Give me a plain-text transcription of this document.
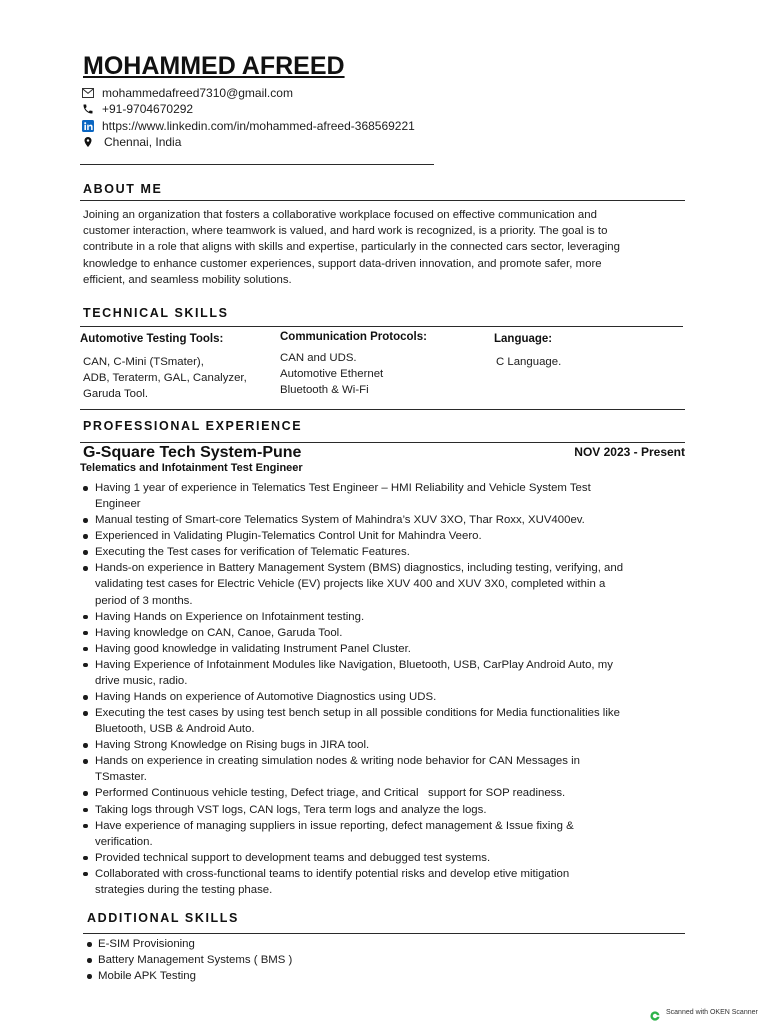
MOHAMMED AFREED
mohammedafreed7310@gmail.com
+91-9704670292
https://www.linkedin.com/in/mohammed-afreed-368569221
Chennai, India
ABOUT ME
Joining an organization that fosters a collaborative workplace focused on effective communication and
customer interaction, where teamwork is valued, and hard work is recognized, is a priority. The goal is to
contribute in a role that aligns with skills and expertise, particularly in the connected cars sector, leveraging
knowledge to enhance customer experiences, support data-driven innovation, and promote safer, more
efficient, and seamless mobility solutions.
TECHNICAL SKILLS
Automotive Testing Tools:
CAN, C-Mini (TSmater),
ADB, Teraterm, GAL, Canalyzer,
Garuda Tool.
Communication Protocols:
CAN and UDS.
Automotive Ethernet
Bluetooth & Wi-Fi
Language:
C Language.
PROFESSIONAL EXPERIENCE
G-Square Tech System-Pune	NOV 2023 - Present
Telematics and Infotainment Test Engineer
Having 1 year of experience in Telematics Test Engineer – HMI Reliability and Vehicle System Test
Engineer
Manual testing of Smart-core Telematics System of Mahindra’s XUV 3XO, Thar Roxx, XUV400ev.
Experienced in Validating Plugin-Telematics Control Unit for Mahindra Veero.
Executing the Test cases for verification of Telematic Features.
Hands-on experience in Battery Management System (BMS) diagnostics, including testing, verifying, and
validating test cases for Electric Vehicle (EV) projects like XUV 400 and XUV 3X0, completed within a
period of 3 months.
Having Hands on Experience on Infotainment testing.
Having knowledge on CAN, Canoe, Garuda Tool.
Having good knowledge in validating Instrument Panel Cluster.
Having Experience of Infotainment Modules like Navigation, Bluetooth, USB, CarPlay Android Auto, my
drive music, radio.
Having Hands on experience of Automotive Diagnostics using UDS.
Executing the test cases by using test bench setup in all possible conditions for Media functionalities like
Bluetooth, USB & Android Auto.
Having Strong Knowledge on Rising bugs in JIRA tool.
Hands on experience in creating simulation nodes & writing node behavior for CAN Messages in
TSmaster.
Performed Continuous vehicle testing, Defect triage, and Critical   support for SOP readiness.
Taking logs through VST logs, CAN logs, Tera term logs and analyze the logs.
Have experience of managing suppliers in issue reporting, defect management & Issue fixing &
verification.
Provided technical support to development teams and debugged test systems.
Collaborated with cross-functional teams to identify potential risks and develop etive mitigation
strategies during the testing phase.
ADDITIONAL SKILLS
E-SIM Provisioning
Battery Management Systems ( BMS )
Mobile APK Testing
Scanned with OKEN Scanner
